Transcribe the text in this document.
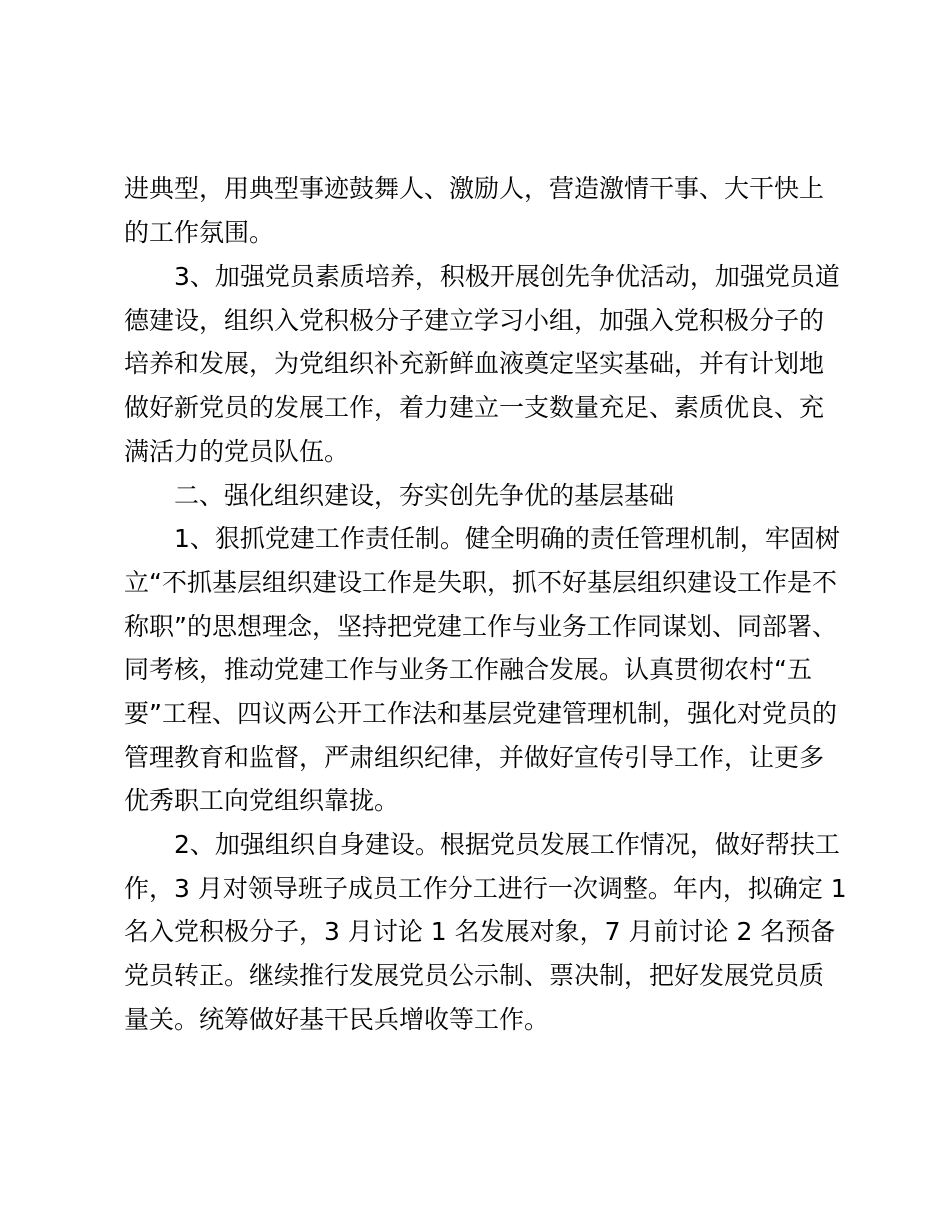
进典型，用典型事迹鼓舞人、激励人，营造激情干事、大干快上
的工作氛围。
3、加强党员素质培养，积极开展创先争优活动，加强党员道
德建设，组织入党积极分子建立学习小组，加强入党积极分子的
培养和发展，为党组织补充新鲜血液奠定坚实基础，并有计划地
做好新党员的发展工作，着力建立一支数量充足、素质优良、充
满活力的党员队伍。
二、强化组织建设，夯实创先争优的基层基础
1、狠抓党建工作责任制。健全明确的责任管理机制，牢固树
立“不抓基层组织建设工作是失职，抓不好基层组织建设工作是不
称职”的思想理念，坚持把党建工作与业务工作同谋划、同部署、
同考核，推动党建工作与业务工作融合发展。认真贯彻农村“五
要”工程、四议两公开工作法和基层党建管理机制，强化对党员的
管理教育和监督，严肃组织纪律，并做好宣传引导工作，让更多
优秀职工向党组织靠拢。
2、加强组织自身建设。根据党员发展工作情况，做好帮扶工
作，3 月对领导班子成员工作分工进行一次调整。年内，拟确定 1
名入党积极分子，3 月讨论 1 名发展对象，7 月前讨论 2 名预备
党员转正。继续推行发展党员公示制、票决制，把好发展党员质
量关。统筹做好基干民兵增收等工作。
